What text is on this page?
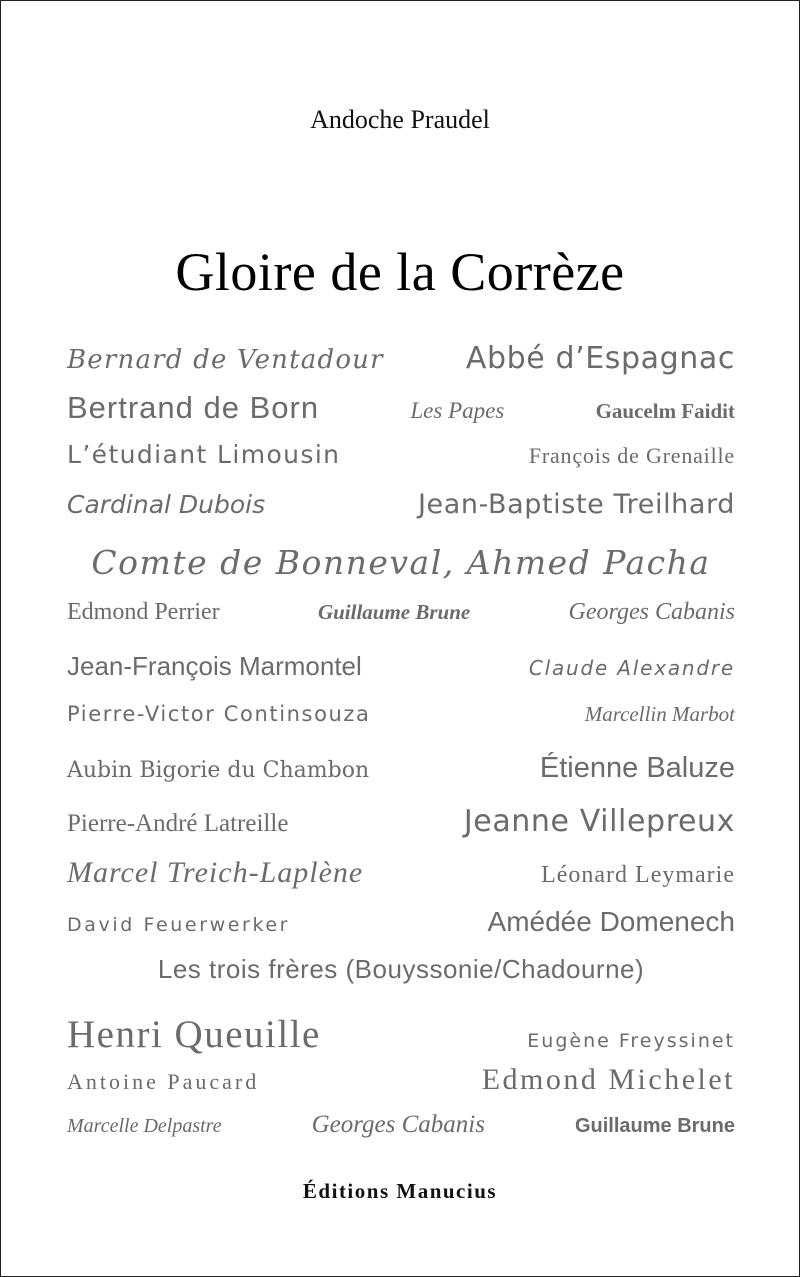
Andoche Praudel
Gloire de la Corrèze
Bernard de Ventadour	Abbé d’Espagnac
Bertrand de Born	Les Papes	Gaucelm Faidit
L’étudiant Limousin	François de Grenaille
Cardinal Dubois	Jean-Baptiste Treilhard
Comte de Bonneval, Ahmed Pacha
Edmond Perrier	Guillaume Brune	Georges Cabanis
Jean-François Marmontel	Claude Alexandre
Pierre-Victor Continsouza	Marcellin Marbot
Aubin Bigorie du Chambon	Étienne Baluze
Pierre-André Latreille	Jeanne Villepreux
Marcel Treich-Laplène	Léonard Leymarie
David Feuerwerker	Amédée Domenech
Les trois frères (Bouyssonie/Chadourne)
Henri Queuille	Eugène Freyssinet
Antoine Paucard	Edmond Michelet
Marcelle Delpastre	Georges Cabanis	Guillaume Brune
Éditions Manucius
